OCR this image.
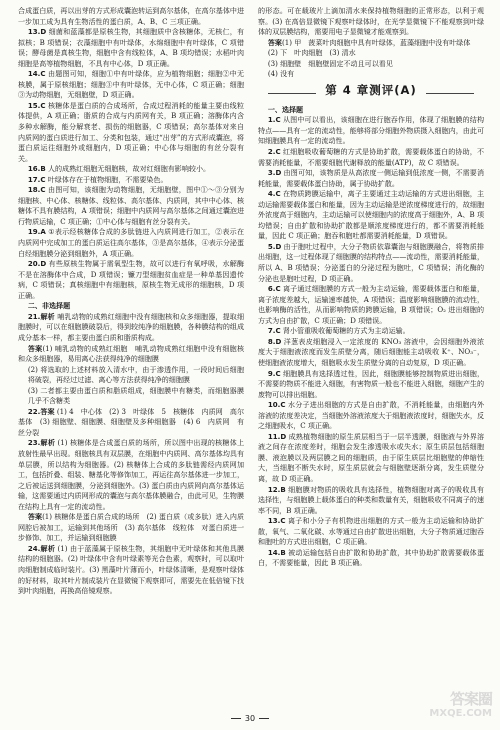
合成蛋白质，再以出芽的方式形成囊泡转运到高尔基体，在高尔基体中进一步加工成为具有生物活性的蛋白质，A、B、C 三项正确。

13.D 细菌和蓝藻都是原核生物，其细胞质中含核糖体，无核仁，有拟核；B 项错误；衣藻细胞中有叶绿体，水绵细胞中有叶绿体，C 项错误；酵母菌是真核生物，细胞中含有线粒体，A、B 项均错误；水稻叶肉细胞是高等植物细胞，不具有中心体，D 项正确。

14.C 由题图可知，细胞①中有叶绿体，应为植物细胞；细胞②中无核膜，属于原核细胞；细胞③中有叶绿体，无中心体，C 项正确；细胞③为动物细胞，无细胞壁，D 项正确。

15.C 核糖体是蛋白质的合成场所，合成过程消耗的能量主要由线粒体提供，A 项正确；脂质的合成与内质网有关，B 项正确；溶酶体内含多种水解酶，能分解衰老、损伤的细胞器，C 项错误；高尔基体对来自内质网的蛋白质进行加工、分类和包装，通过“出芽”的方式形成囊泡，将蛋白质运往细胞外或细胞内，D 项正确；中心体与细胞的有丝分裂有关。

16.B 人的成熟红细胞无细胞核，故对红细胞有影响较小。

17.C 叶绿体存在于植物细胞，不需要染色。

18.C 由图可知，该细胞为动物细胞，无细胞壁，图中①～③分别为细胞核、中心体、核糖体、线粒体、高尔基体、内质网，其中中心体、核糖体不具有膜结构，A 项错误；细胞中内质网与高尔基体之间通过囊泡进行物质运输，C 项正确；①中心体与细胞有丝分裂有关。

19.A ①表示经核糖体合成的多肽链进入内质网进行加工，②表示在内质网中完成加工的蛋白质运往高尔基体，③是高尔基体，④表示分泌蛋白经细胞膜分泌到细胞外，A 项正确。

20.D 有些原核生物属于需氧型生物，故可以进行有氧呼吸，水解酶不是在溶酶体中合成，D 项错误；镰刀型细胞贫血症是一种单基因遗传病，C 项错误；真核细胞中有细胞核，原核生物无成形的细胞核，D 项正确。

二、非选择题

21.解析 哺乳动物的成熟红细胞中没有细胞核和众多细胞器，提取细胞膜时，可以在细胞膜破裂后，得到较纯净的细胞膜，各种膜结构的组成成分基本一样，都主要由蛋白质和脂质构成。

答案(1) 哺乳动物的成熟红细胞　哺乳动物成熟红细胞中没有细胞核和众多细胞器，易用离心法获得纯净的细胞膜

(2) 将选取的上述材料放入清水中，由于渗透作用，一段时间后细胞将破裂，再经过过滤、离心等方法获得纯净的细胞膜

(3) 二者都主要由蛋白质和脂质组成，细胞膜中有糖类，而细胞器膜几乎不含糖类

22.答案 (1) 4　中心体　(2) 3　叶绿体　5　核糖体　内质网　高尔基体　(3) 细胞壁、细胞膜、细胞壁及多种细胞器　(4) 6　内质网　有丝分裂

23.解析 (1) 核糖体是合成蛋白质的场所，所以图中出现的核糖体上放射性最早出现。细胞核具有双层膜，在细胞中内质网、高尔基体均具有单层膜，所以结构为细胞器。(2) 核糖体上合成的多肽链需经内质网加工，包括折叠、组装、糖基化等修饰加工，再运往高尔基体进一步加工，之后被运送到细胞膜，分泌到细胞外。(3) 蛋白质由内质网向高尔基体运输，这需要通过内质网形成的囊泡与高尔基体膜融合，由此可见，生物膜在结构上具有一定的流动性。

答案(1) 核糖体是蛋白质合成的场所　(2) 蛋白质（或多肽）进入内质网腔后被加工，运输到其他场所　(3) 高尔基体　线粒体　对蛋白质进一步修饰、加工，并运输到细胞膜

24.解析 (1) 由于蓝藻属于原核生物，其细胞中无叶绿体和其他具膜结构的细胞器。(2) 叶绿体中含有叶绿素等光合色素，观察时，可以取叶肉细胞制成临时装片。(3) 黑藻叶片薄而小，叶绿体清晰，是观察叶绿体的好材料，取其叶片制成装片在显微镜下观察即可，需要先在低倍镜下找到叶肉细胞，再换高倍镜观察。

的形态。可在载玻片上滴加清水来保持植物细胞的正常形态，以利于观察。(3) 在高倍显微镜下观察叶绿体时，在光学显微镜下不能观察到叶绿体的双层膜结构，需要用电子显微镜才能观察到。

答案(1) 甲　菠菜叶肉细胞中具有叶绿体，蓝藻细胞中没有叶绿体

(2) 下　叶肉细胞　(3) 清水

(3) 细胞壁　细胞壁固定不动且可以看见

(4) 没有

第 4 章测评(A)

一、选择题

1.C 从图中可以看出，该细胞在进行胞吞作用，体现了细胞膜的结构特点——具有一定的流动性，能够将部分细胞外物质摄入细胞内，由此可知细胞膜具有一定的流动性。

2.C 红细胞吸收葡萄糖的方式是协助扩散，需要载体蛋白的协助，不需要消耗能量，不需要细胞代谢释放的能量(ATP)，故 C 项错误。

3.D 由图可知，该物质是从高浓度一侧运输到低浓度一侧，不需要消耗能量，需要载体蛋白协助，属于协助扩散。

4.C 在物质跨膜运输中，离子主要通过主动运输的方式进出细胞，主动运输需要载体蛋白和能量，因为主动运输是逆浓度梯度进行的，故细胞外浓度高于细胞内，主动运输可以使细胞内的浓度高于细胞外，A、B 项均错误；自由扩散和协助扩散都是顺浓度梯度进行的，都不需要消耗能量，因此 C 项正确；胞吞和胞吐都需要消耗能量，D 项错误。

5.D 由于胞吐过程中，大分子物质依靠囊泡与细胞膜融合，将物质排出细胞，这一过程体现了细胞膜的结构特点——流动性，需要消耗能量，所以 A、B 项错误；分泌蛋白的分泌过程为胞吐，C 项错误；消化酶的分泌也是胞吐过程，D 项正确。

6.C 离子通过细胞膜的方式一般为主动运输，需要载体蛋白和能量，离子浓度差越大，运输速率越快，A 项错误；温度影响细胞膜的流动性，也影响酶的活性，从而影响物质的跨膜运输，B 项错误；O₂ 进出细胞的方式为自由扩散，C 项正确；D 项错误。

7.C 肾小管重吸收葡萄糖的方式为主动运输。

8.D 洋葱表皮细胞浸入一定浓度的 KNO₃ 溶液中，会因细胞外液浓度大于细胞液浓度而发生质壁分离，随后细胞能主动吸收 K⁺、NO₃⁻，使细胞液浓度增大，细胞吸水发生质壁分离的自动复原，D 项正确。

9.C 细胞膜具有选择透过性，因此，细胞膜能够控制物质进出细胞，不需要的物质不能进入细胞，有害物质一般也不能进入细胞，细胞产生的废物可以排出细胞。

10.C 水分子进出细胞的方式是自由扩散，不消耗能量，由细胞内外溶液的浓度差决定，当细胞外溶液浓度大于细胞液浓度时，细胞失水，反之细胞吸水，C 项正确。

11.D 成熟植物细胞的原生质层相当于一层半透膜，细胞液与外界溶液之间存在浓度差时，细胞会发生渗透吸水或失水；原生质层包括细胞膜、液泡膜以及两层膜之间的细胞质，由于原生质层比细胞壁的伸缩性大，当细胞不断失水时，原生质层就会与细胞壁逐渐分离，发生质壁分离，故 D 项正确。

12.B 细胞膜对物质的吸收具有选择性，植物细胞对离子的吸收具有选择性，与细胞膜上载体蛋白的种类和数量有关，细胞吸收不同离子的速率不同，B 项正确。

13.C 离子和小分子有机物进出细胞的方式一般为主动运输和协助扩散，氧气、二氧化碳、水等通过自由扩散进出细胞，大分子物质通过胞吞和胞吐的方式进出细胞，C 项正确。

14.B 被动运输包括自由扩散和协助扩散，其中协助扩散需要载体蛋白，不需要能量，因此 B 项正确。

30
答案圈
MXQE.COM
